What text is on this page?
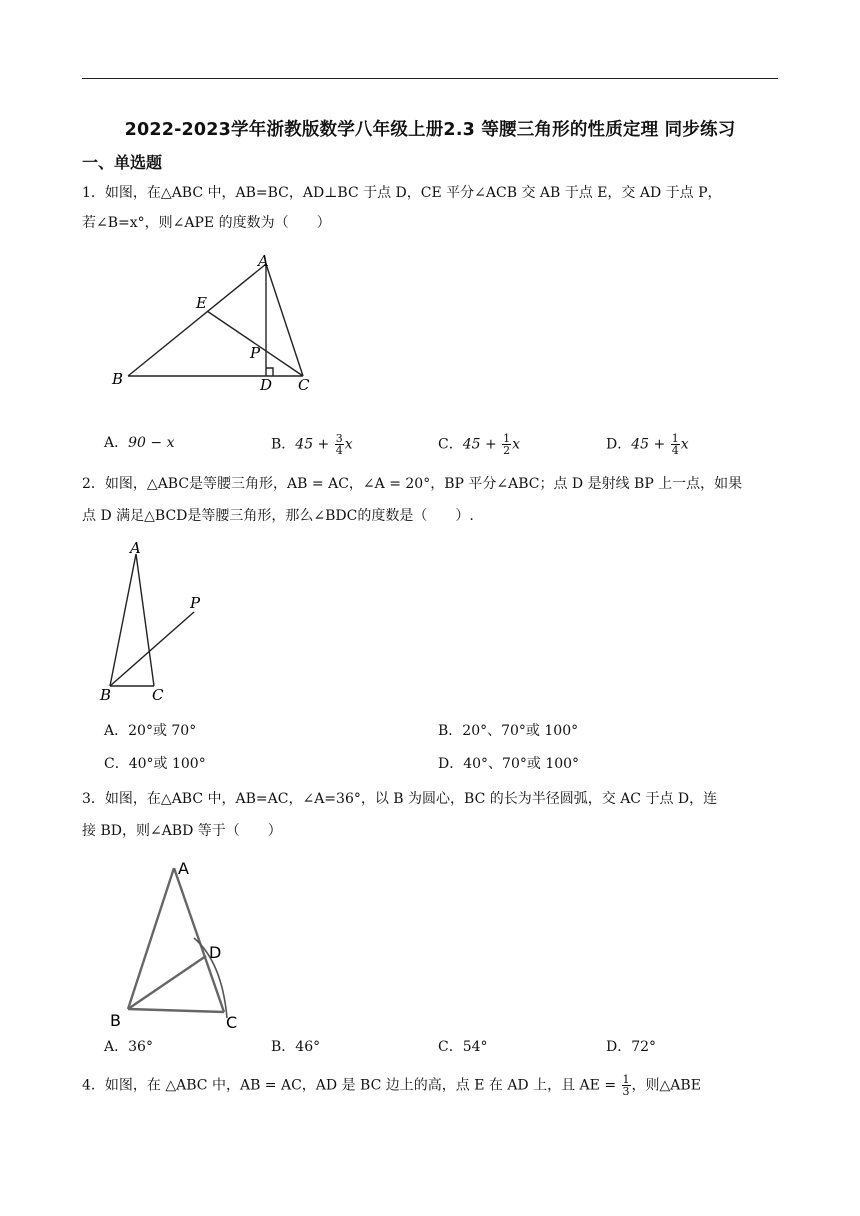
2022-2023学年浙教版数学八年级上册2.3 等腰三角形的性质定理 同步练习
一、单选题
1．如图，在△ABC 中，AB=BC，AD⊥BC 于点 D，CE 平分∠ACB 交 AB 于点 E，交 AD 于点 P，
若∠B=x°，则∠APE 的度数为（　　）
A
E
P
B	D C
A．90 − x	B．$45 + \frac{3}{4}$ x	C．$45 + \frac{1}{2}$ x	D．$45 + \frac{1}{4}$ x
2．如图，△ABC是等腰三角形，AB = AC，∠A = 20°，BP 平分∠ABC；点 D 是射线 BP 上一点，如果
点 D 满足△BCD是等腰三角形，那么∠BDC的度数是（　　）.
A
P
B	C
A．20°或 70°	B．20°、70°或 100°
C．40°或 100°	D．40°、70°或 100°
3．如图，在△ABC 中，AB=AC，∠A=36°，以 B 为圆心，BC 的长为半径圆弧，交 AC 于点 D，连
接 BD，则∠ABD 等于（　　）
A
D
B	C
A．36°	B．46°	C．54°	D．72°
4．如图，在 △ABC 中，AB = AC，AD 是 BC 边上的高，点 E 在 AD 上，且 AE = $\frac{1}{3}$ ，则△ABE
